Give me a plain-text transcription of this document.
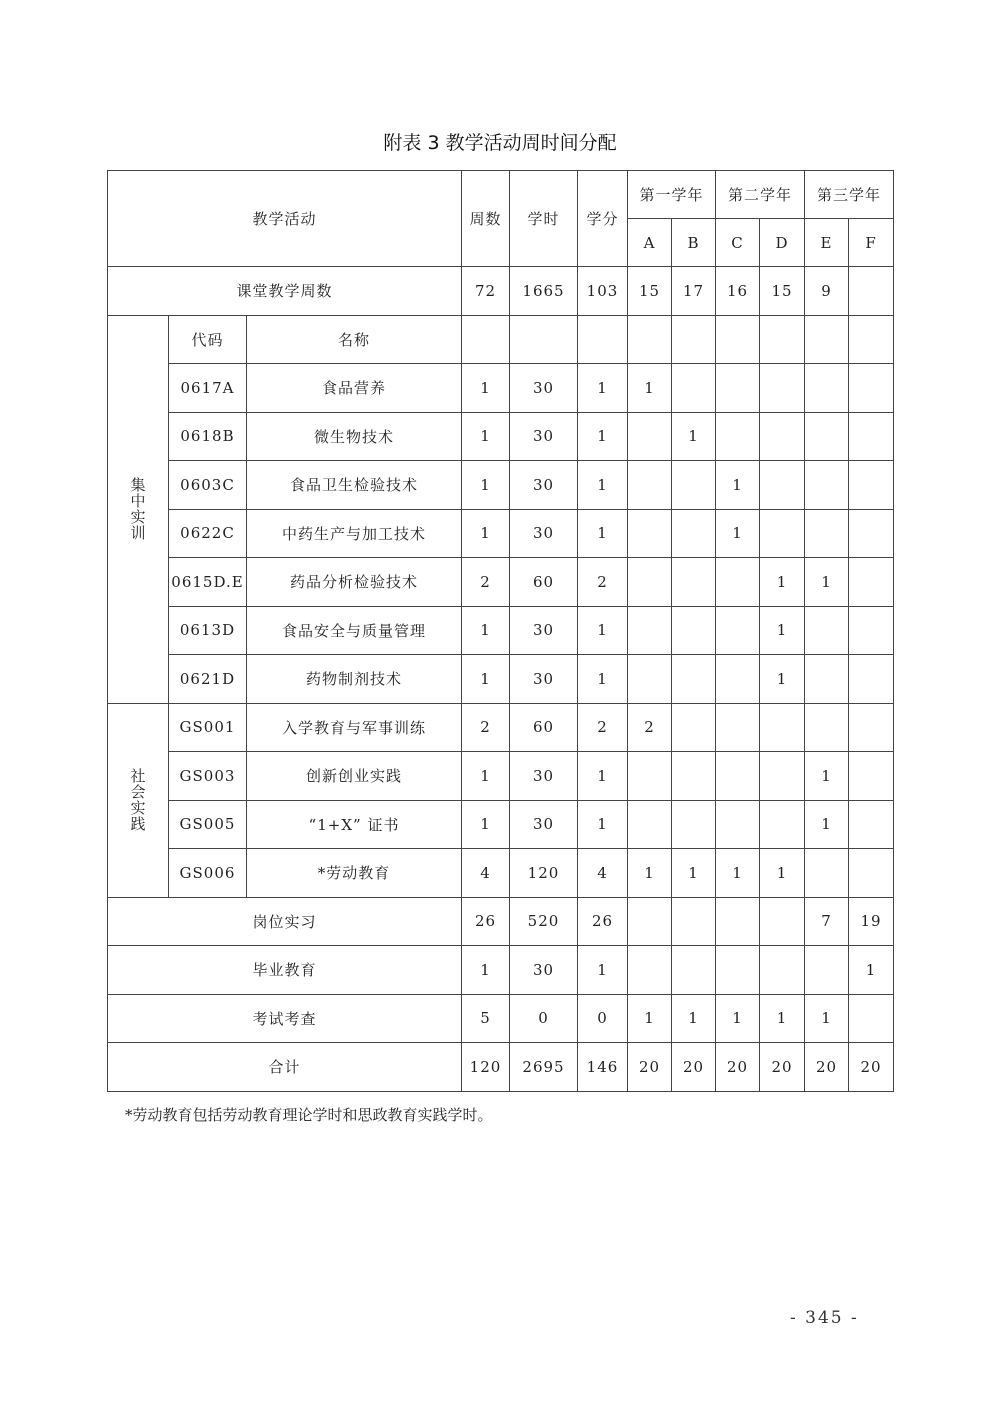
附表 3 教学活动周时间分配
教学活动			周数	学时	学分	第一学年		第二学年		第三学年	
						A	B	C	D	E	F
课堂教学周数			72	1665	103	15	17	16	15	9	
集中实训	代码	名称									
	0617A	食品营养	1	30	1	1					
	0618B	微生物技术	1	30	1		1				
	0603C	食品卫生检验技术	1	30	1			1			
	0622C	中药生产与加工技术	1	30	1			1			
	0615D.E	药品分析检验技术	2	60	2				1	1	
	0613D	食品安全与质量管理	1	30	1				1		
	0621D	药物制剂技术	1	30	1				1		
社会实践	GS001	入学教育与军事训练	2	60	2	2					
	GS003	创新创业实践	1	30	1					1	
	GS005	“1+X” 证书	1	30	1					1	
	GS006	*劳动教育	4	120	4	1	1	1	1		
岗位实习			26	520	26					7	19
毕业教育			1	30	1						1
考试考查			5	0	0	1	1	1	1	1	
合计			120	2695	146	20	20	20	20	20	20
*劳动教育包括劳动教育理论学时和思政教育实践学时。
- 345 -
